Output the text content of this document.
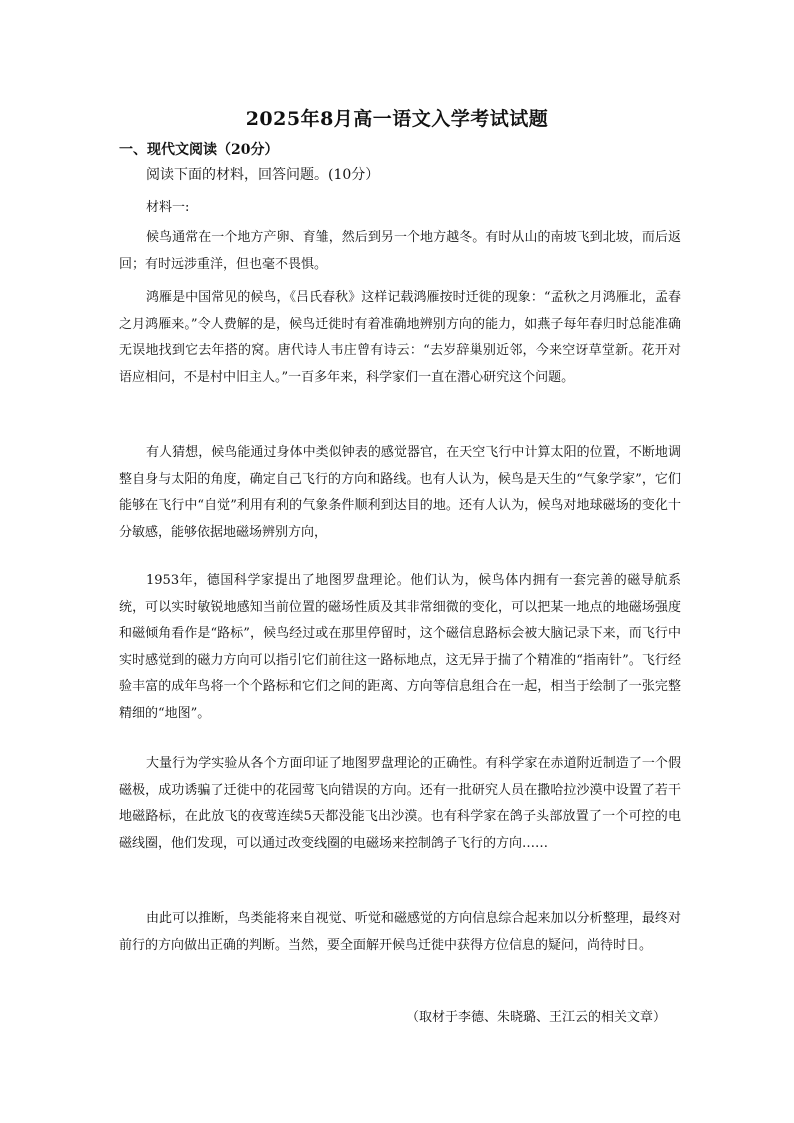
2025年8月高一语文入学考试试题
一、现代文阅读（20分）
阅读下面的材料，回答问题。(10分）
材料一:

候鸟通常在一个地方产卵、育雏，然后到另一个地方越冬。有时从山的南坡飞到北坡，而后返回；有时远涉重洋，但也毫不畏惧。

鸿雁是中国常见的候鸟，《吕氏春秋》这样记载鸿雁按时迁徙的现象：“孟秋之月鸿雁北，孟春之月鸿雁来。”令人费解的是，候鸟迁徙时有着准确地辨别方向的能力，如燕子每年春归时总能准确无误地找到它去年搭的窝。唐代诗人韦庄曾有诗云：“去岁辞巢别近邻，今来空讶草堂新。花开对语应相问，不是村中旧主人。”一百多年来，科学家们一直在潜心研究这个问题。

有人猜想，候鸟能通过身体中类似钟表的感觉器官，在天空飞行中计算太阳的位置，不断地调整自身与太阳的角度，确定自己飞行的方向和路线。也有人认为，候鸟是天生的“气象学家”，它们能够在飞行中“自觉”利用有利的气象条件顺利到达目的地。还有人认为，候鸟对地球磁场的变化十分敏感，能够依据地磁场辨别方向，

1953年，德国科学家提出了地图罗盘理论。他们认为，候鸟体内拥有一套完善的磁导航系统，可以实时敏锐地感知当前位置的磁场性质及其非常细微的变化，可以把某一地点的地磁场强度和磁倾角看作是“路标”，候鸟经过或在那里停留时，这个磁信息路标会被大脑记录下来，而飞行中实时感觉到的磁力方向可以指引它们前往这一路标地点，这无异于揣了个精准的“指南针”。飞行经验丰富的成年鸟将一个个路标和它们之间的距离、方向等信息组合在一起，相当于绘制了一张完整精细的“地图”。

大量行为学实验从各个方面印证了地图罗盘理论的正确性。有科学家在赤道附近制造了一个假磁极，成功诱骗了迁徙中的花园莺飞向错误的方向。还有一批研究人员在撒哈拉沙漠中设置了若干地磁路标，在此放飞的夜莺连续5天都没能飞出沙漠。也有科学家在鸽子头部放置了一个可控的电磁线圈，他们发现，可以通过改变线圈的电磁场来控制鸽子飞行的方向……

由此可以推断，鸟类能将来自视觉、听觉和磁感觉的方向信息综合起来加以分析整理，最终对前行的方向做出正确的判断。当然，要全面解开候鸟迁徙中获得方位信息的疑问，尚待时日。

（取材于李德、朱晓璐、王江云的相关文章）
